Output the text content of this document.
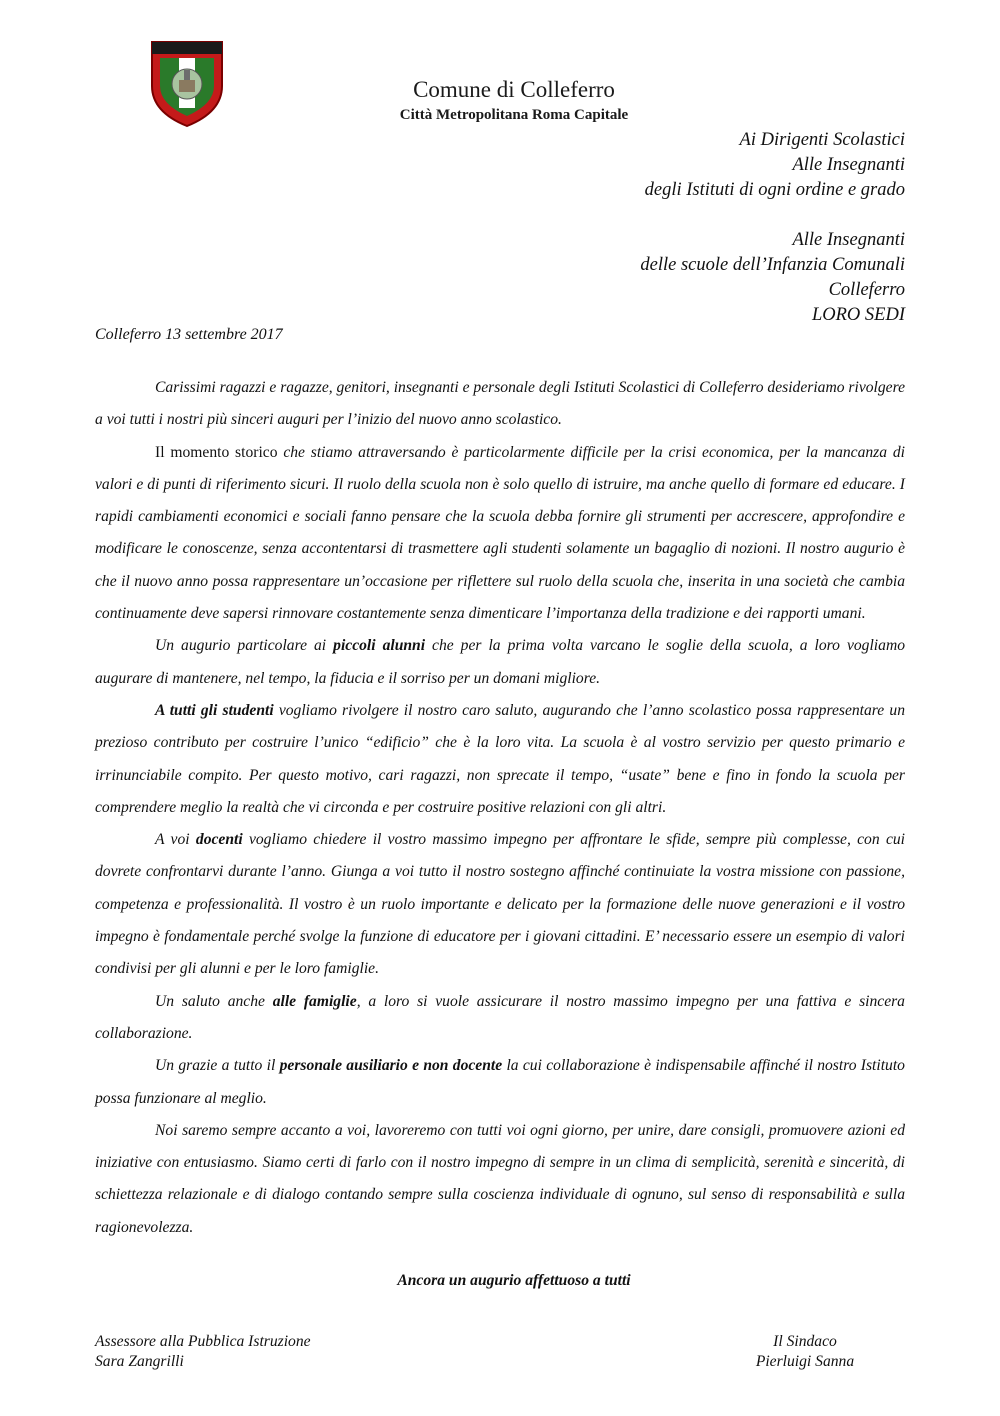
Comune di Colleferro
Città Metropolitana Roma Capitale
Ai Dirigenti Scolastici
Alle Insegnanti
degli Istituti di ogni ordine e grado
Alle Insegnanti
delle scuole dell’Infanzia Comunali
Colleferro
LORO SEDI
Colleferro 13 settembre 2017

Carissimi ragazzi e ragazze, genitori, insegnanti e personale degli Istituti Scolastici di Colleferro desideriamo rivolgere a voi tutti i nostri più sinceri auguri per l’inizio del nuovo anno scolastico.

Il momento storico che stiamo attraversando è particolarmente difficile per la crisi economica, per la mancanza di valori e di punti di riferimento sicuri. Il ruolo della scuola non è solo quello di istruire, ma anche quello di formare ed educare. I rapidi cambiamenti economici e sociali fanno pensare che la scuola debba fornire gli strumenti per accrescere, approfondire e modificare le conoscenze, senza accontentarsi di trasmettere agli studenti solamente un bagaglio di nozioni. Il nostro augurio è che il nuovo anno possa rappresentare un’occasione per riflettere sul ruolo della scuola che, inserita in una società che cambia continuamente deve sapersi rinnovare costantemente senza dimenticare l’importanza della tradizione e dei rapporti umani.

Un augurio particolare ai piccoli alunni che per la prima volta varcano le soglie della scuola, a loro vogliamo augurare di mantenere, nel tempo, la fiducia e il sorriso per un domani migliore.

A tutti gli studenti vogliamo rivolgere il nostro caro saluto, augurando che l’anno scolastico possa rappresentare un prezioso contributo per costruire l’unico “edificio” che è la loro vita. La scuola è al vostro servizio per questo primario e irrinunciabile compito. Per questo motivo, cari ragazzi, non sprecate il tempo, “usate” bene e fino in fondo la scuola per comprendere meglio la realtà che vi circonda e per costruire positive relazioni con gli altri.

A voi docenti vogliamo chiedere il vostro massimo impegno per affrontare le sfide, sempre più complesse, con cui dovrete confrontarvi durante l’anno. Giunga a voi tutto il nostro sostegno affinché continuiate la vostra missione con passione, competenza e professionalità. Il vostro è un ruolo importante e delicato per la formazione delle nuove generazioni e il vostro impegno è fondamentale perché svolge la funzione di educatore per i giovani cittadini. E’ necessario essere un esempio di valori condivisi per gli alunni e per le loro famiglie.

Un saluto anche alle famiglie, a loro si vuole assicurare il nostro massimo impegno per una fattiva e sincera collaborazione.

Un grazie a tutto il personale ausiliario e non docente la cui collaborazione è indispensabile affinché il nostro Istituto possa funzionare al meglio.

Noi saremo sempre accanto a voi, lavoreremo con tutti voi ogni giorno, per unire, dare consigli, promuovere azioni ed iniziative con entusiasmo. Siamo certi di farlo con il nostro impegno di sempre in un clima di semplicità, serenità e sincerità, di schiettezza relazionale e di dialogo contando sempre sulla coscienza individuale di ognuno, sul senso di responsabilità e sulla ragionevolezza.

Ancora un augurio affettuoso a tutti
Assessore alla Pubblica Istruzione
Sara Zangrilli
Il Sindaco
Pierluigi Sanna
